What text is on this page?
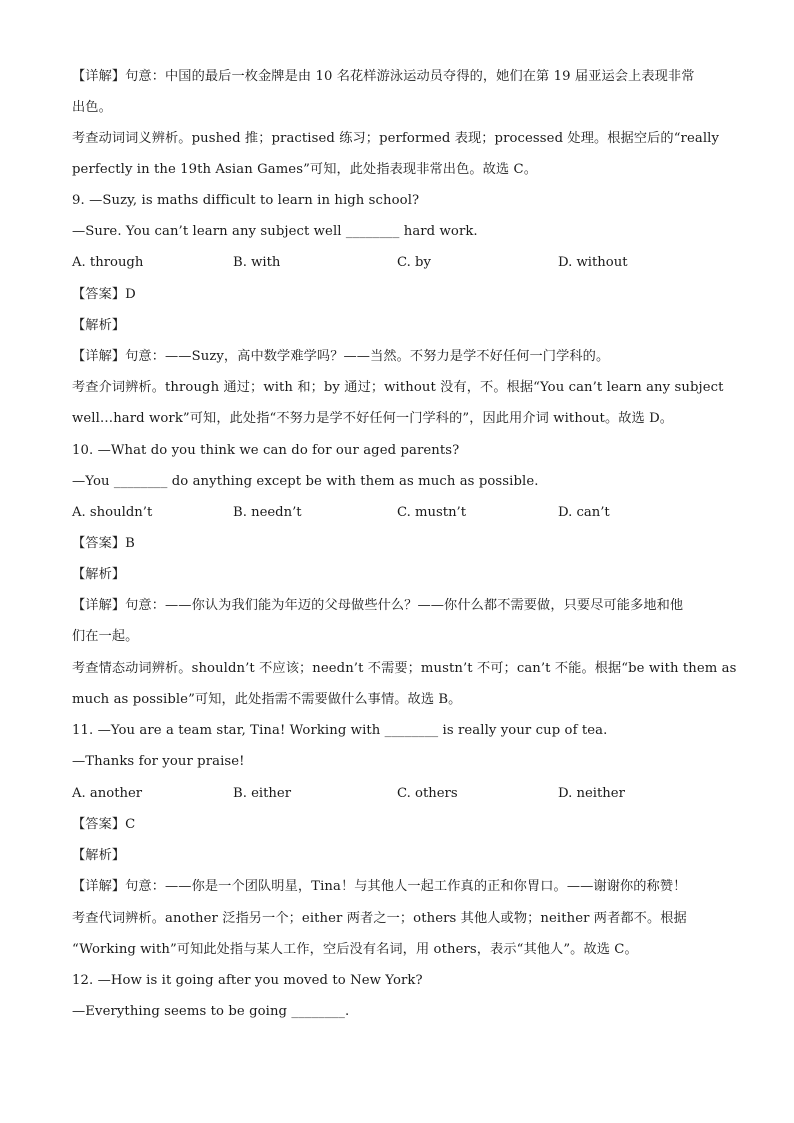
【详解】句意：中国的最后一枚金牌是由 10 名花样游泳运动员夺得的，她们在第 19 届亚运会上表现非常
出色。
考查动词词义辨析。pushed 推；practised 练习；performed 表现；processed 处理。根据空后的“really
perfectly in the 19th Asian Games”可知，此处指表现非常出色。故选 C。
9. —Suzy, is maths difficult to learn in high school?
—Sure. You can’t learn any subject well ________ hard work.
A. through	B. with	C. by	D. without
【答案】D
【解析】
【详解】句意：——Suzy，高中数学难学吗？——当然。不努力是学不好任何一门学科的。
考查介词辨析。through 通过；with 和；by 通过；without 没有，不。根据“You can’t learn any subject
well…hard work”可知，此处指“不努力是学不好任何一门学科的”，因此用介词 without。故选 D。
10. —What do you think we can do for our aged parents?
—You ________ do anything except be with them as much as possible.
A. shouldn’t	B. needn’t	C. mustn’t	D. can’t
【答案】B
【解析】
【详解】句意：——你认为我们能为年迈的父母做些什么？——你什么都不需要做，只要尽可能多地和他
们在一起。
考查情态动词辨析。shouldn’t 不应该；needn’t 不需要；mustn’t 不可；can’t 不能。根据“be with them as
much as possible”可知，此处指需不需要做什么事情。故选 B。
11. —You are a team star, Tina! Working with ________ is really your cup of tea.
—Thanks for your praise!
A. another	B. either	C. others	D. neither
【答案】C
【解析】
【详解】句意：——你是一个团队明星，Tina！与其他人一起工作真的正和你胃口。——谢谢你的称赞！
考查代词辨析。another 泛指另一个；either 两者之一；others 其他人或物；neither 两者都不。根据
“Working with”可知此处指与某人工作，空后没有名词，用 others，表示“其他人”。故选 C。
12. —How is it going after you moved to New York?
—Everything seems to be going ________.
